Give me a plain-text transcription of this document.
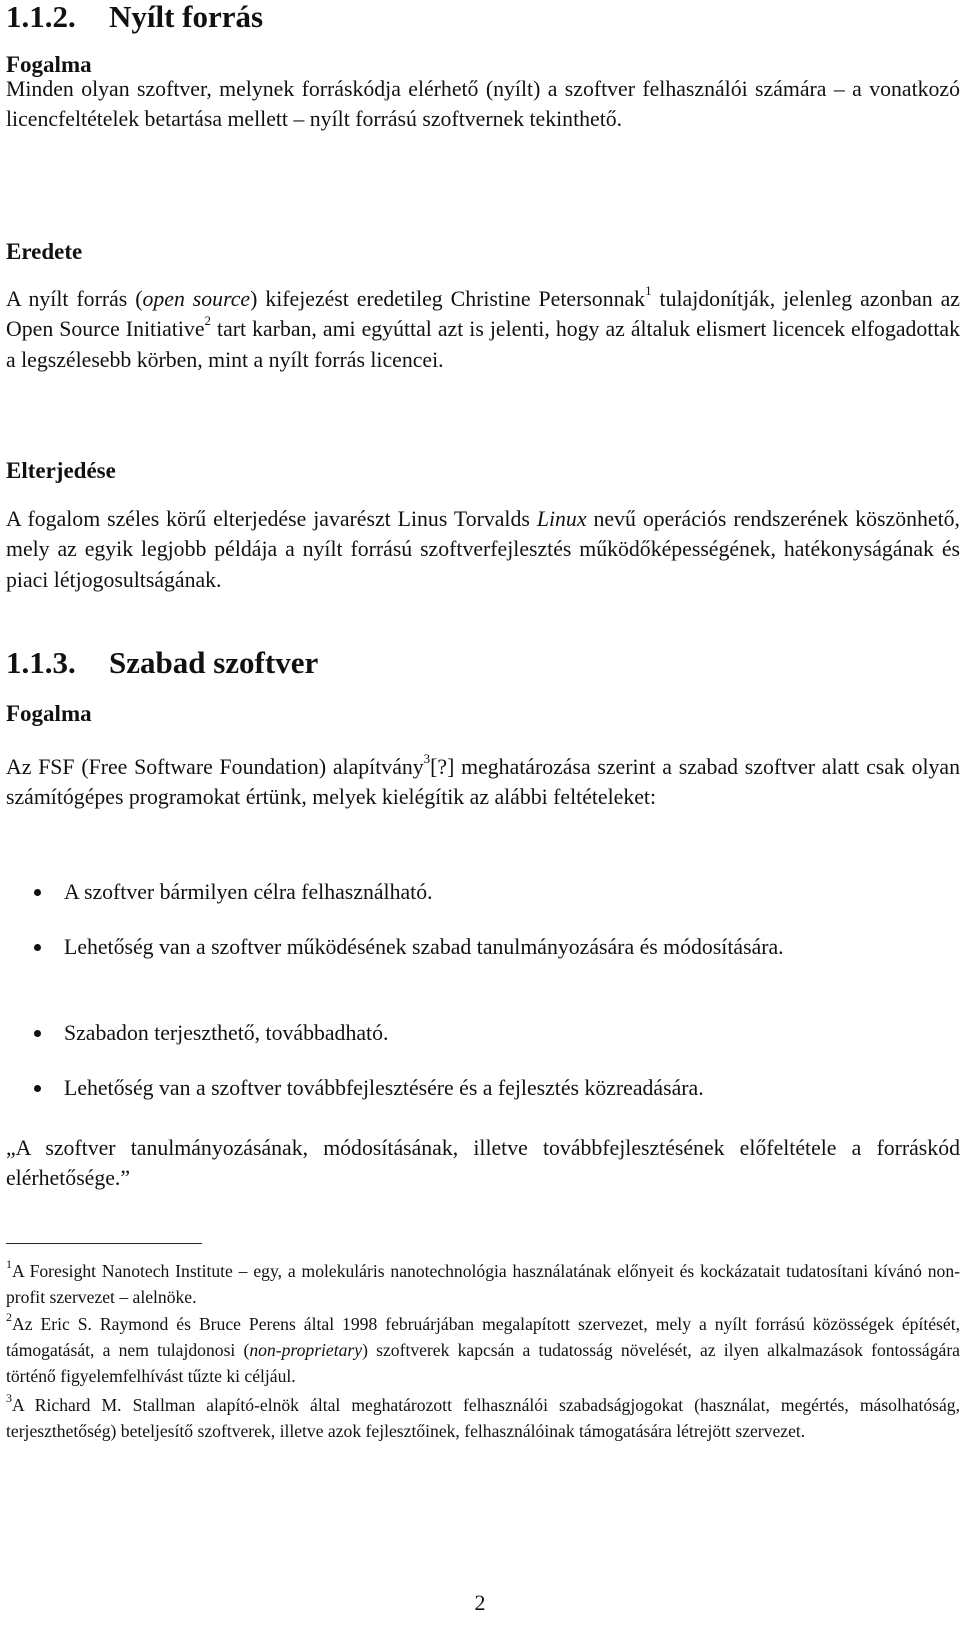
1.1.2. Nyílt forrás
Fogalma

Minden olyan szoftver, melynek forráskódja elérhető (nyílt) a szoftver felhasználói számára – a vonatkozó licencfeltételek betartása mellett – nyílt forrású szoftvernek tekinthető.

Eredete

A nyílt forrás (open source) kifejezést eredetileg Christine Petersonnak$^1$ tulajdonítják, jelenleg azonban az Open Source Initiative$^2$ tart karban, ami egyúttal azt is jelenti, hogy az általuk elismert licencek elfogadottak a legszélesebb körben, mint a nyílt forrás licencei.

Elterjedése

A fogalom széles körű elterjedése javarészt Linus Torvalds Linux nevű operációs rendszerének köszönhető, mely az egyik legjobb példája a nyílt forrású szoftverfejlesztés működőképességének, hatékonyságának és piaci létjogosultságának.

1.1.3. Szabad szoftver
Fogalma

Az FSF (Free Software Foundation) alapítvány$^3$[?] meghatározása szerint a szabad szoftver alatt csak olyan számítógépes programokat értünk, melyek kielégítik az alábbi feltételeket:

A szoftver bármilyen célra felhasználható.
Lehetőség van a szoftver működésének szabad tanulmányozására és módosítására.
Szabadon terjeszthető, továbbadható.
Lehetőség van a szoftver továbbfejlesztésére és a fejlesztés közreadására.

„A szoftver tanulmányozásának, módosításának, illetve továbbfejlesztésének előfeltétele a forráskód elérhetősége.”

$^1$A Foresight Nanotech Institute – egy, a molekuláris nanotechnológia használatának előnyeit és kockázatait tudatosítani kívánó non-profit szervezet – alelnöke.

$^2$Az Eric S. Raymond és Bruce Perens által 1998 februárjában megalapított szervezet, mely a nyílt forrású közösségek építését, támogatását, a nem tulajdonosi (non-proprietary) szoftverek kapcsán a tudatosság növelését, az ilyen alkalmazások fontosságára történő figyelemfelhívást tűzte ki céljául.

$^3$A Richard M. Stallman alapító-elnök által meghatározott felhasználói szabadságjogokat (használat, megértés, másolhatóság, terjeszthetőség) beteljesítő szoftverek, illetve azok fejlesztőinek, felhasználóinak támogatására létrejött szervezet.

2
